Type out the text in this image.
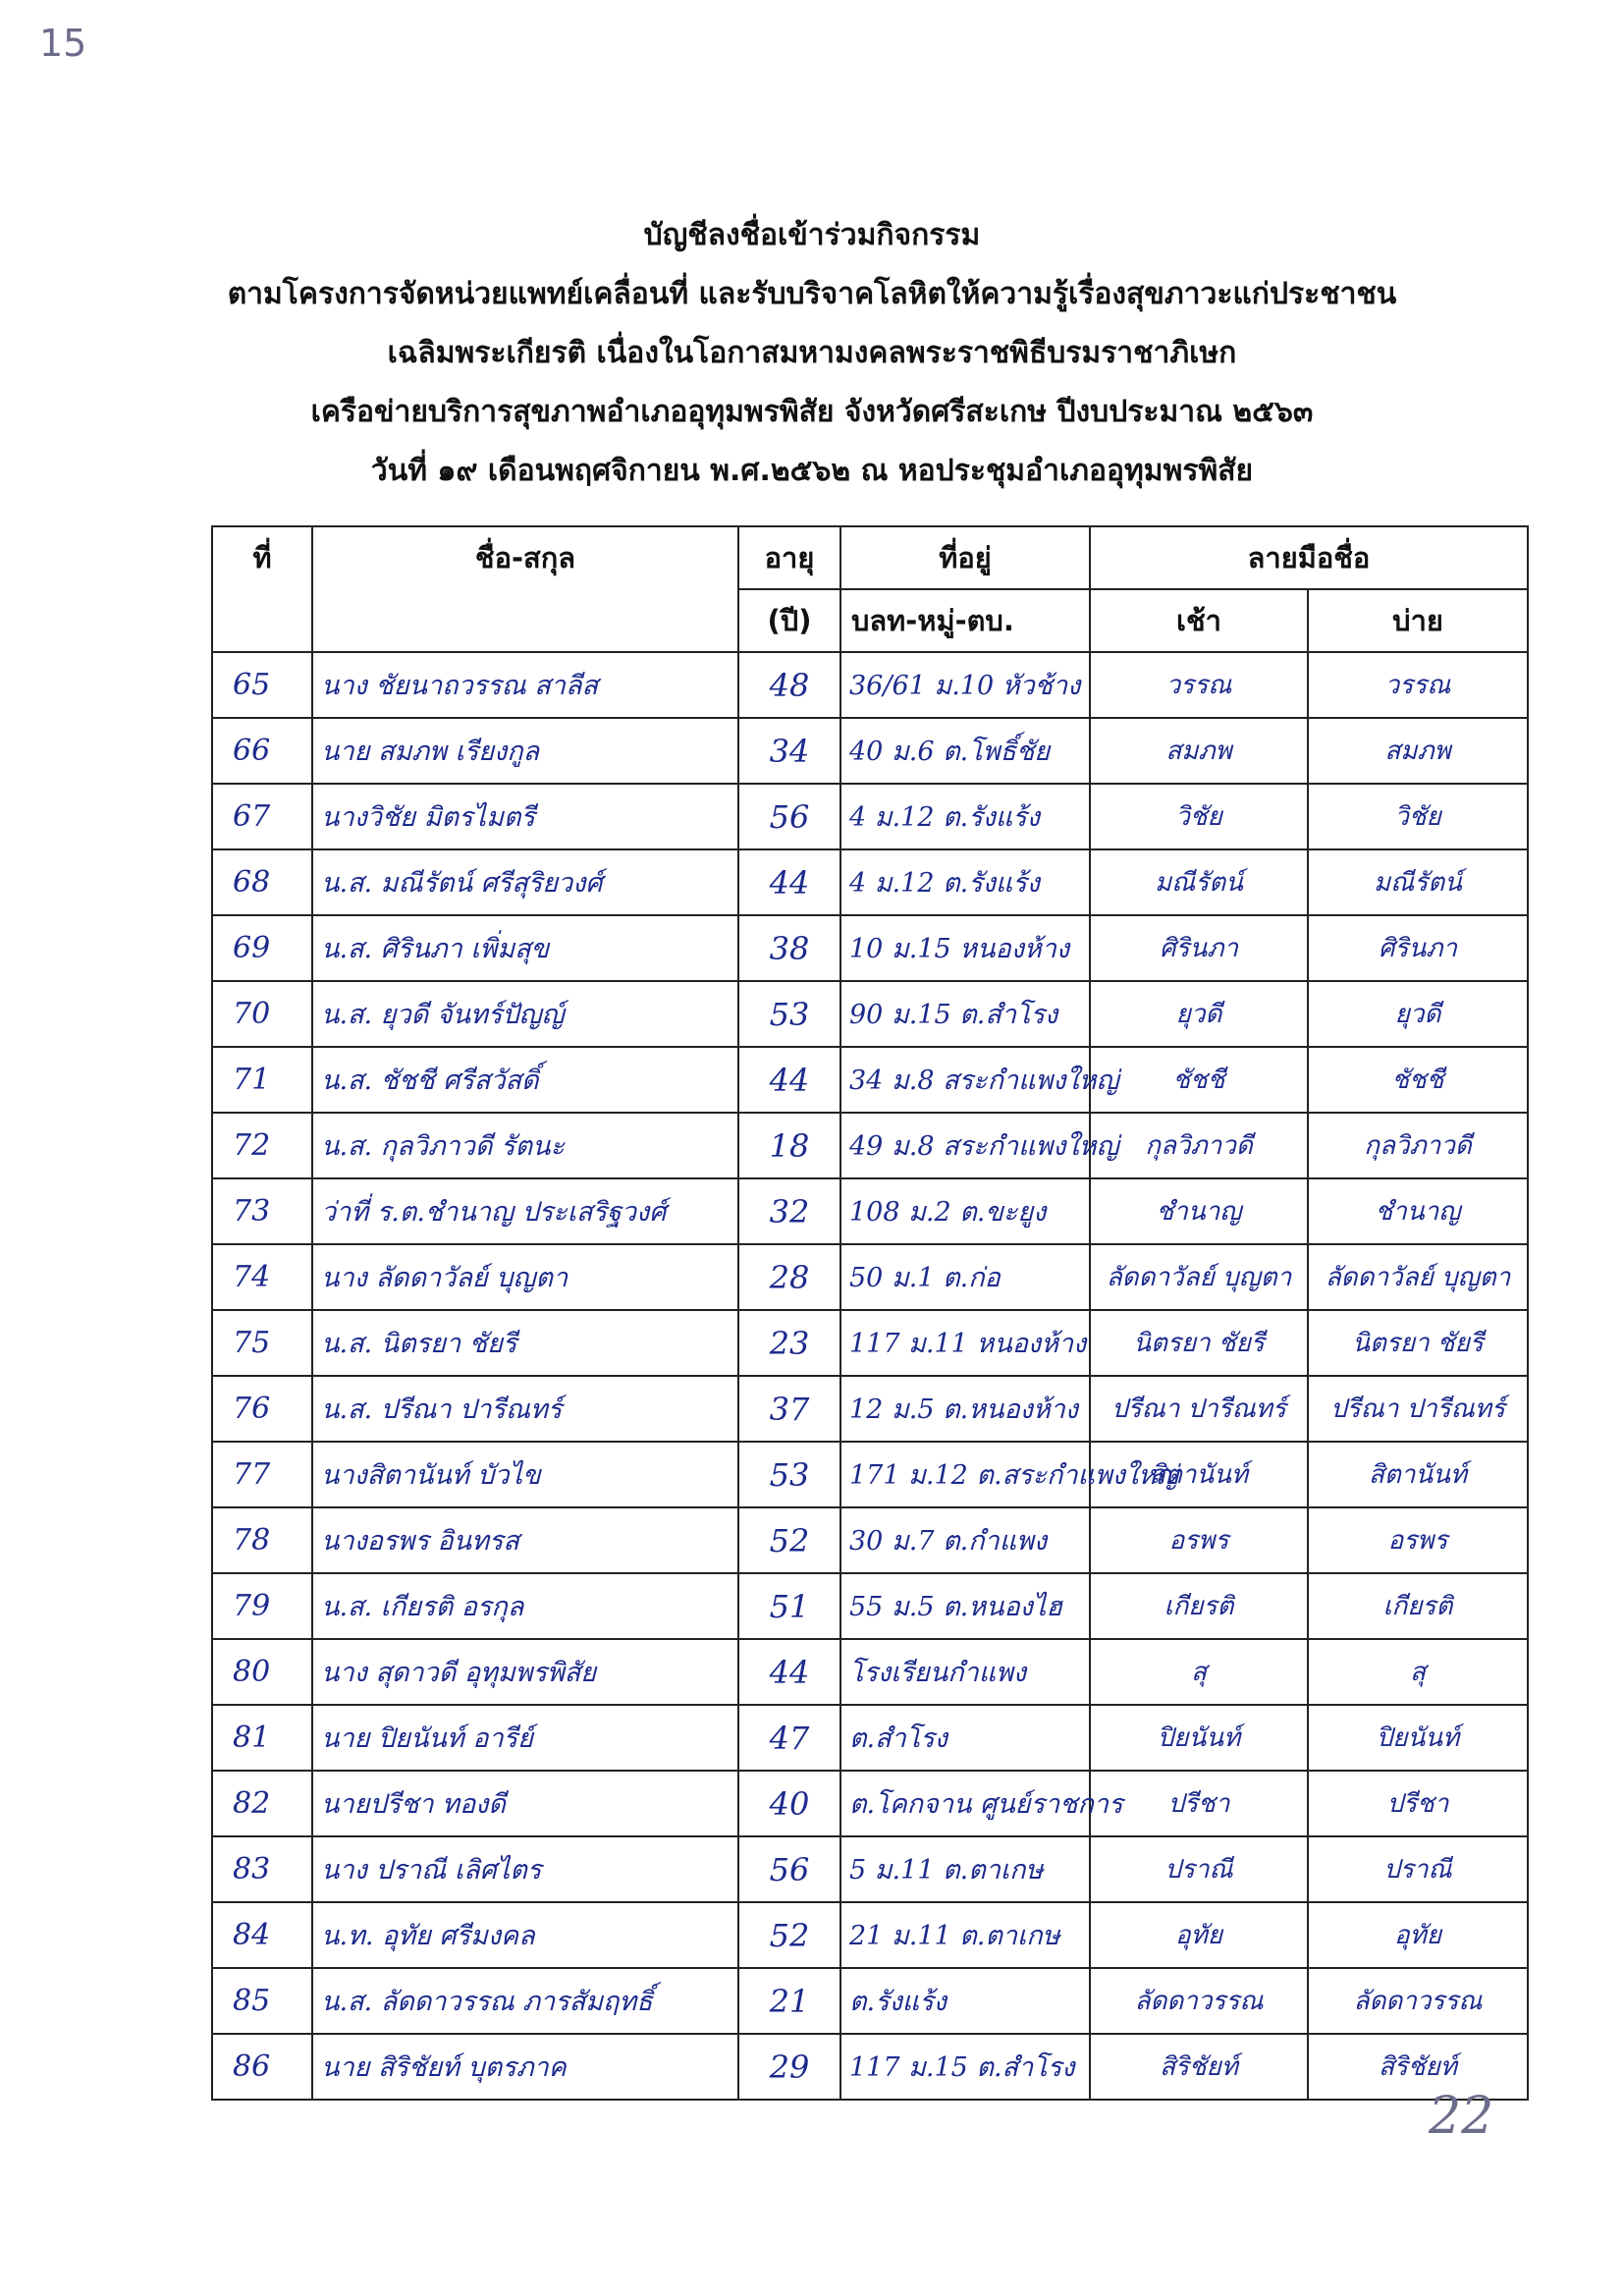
15
บัญชีลงชื่อเข้าร่วมกิจกรรม
ตามโครงการจัดหน่วยแพทย์เคลื่อนที่ และรับบริจาคโลหิตให้ความรู้เรื่องสุขภาวะแก่ประชาชน
เฉลิมพระเกียรติ เนื่องในโอกาสมหามงคลพระราชพิธีบรมราชาภิเษก
เครือข่ายบริการสุขภาพอำเภออุทุมพรพิสัย จังหวัดศรีสะเกษ ปีงบประมาณ ๒๕๖๓
วันที่ ๑๙ เดือนพฤศจิกายน พ.ศ.๒๕๖๒ ณ หอประชุมอำเภออุทุมพรพิสัย
ที่	ชื่อ-สกุล	อายุ	ที่อยู่	ลายมือชื่อ	
		(ปี)	บลท-หมู่-ตบ.	เช้า	บ่าย
65	นาง ชัยนาถวรรณ สาลีส	48	36/61 ม.10 หัวช้าง	วรรณ	วรรณ
66	นาย สมภพ เรียงกูล	34	40 ม.6 ต.โพธิ์ชัย	สมภพ	สมภพ
67	นางวิชัย มิตรไมตรี	56	4 ม.12 ต.รังแร้ง	วิชัย	วิชัย
68	น.ส. มณีรัตน์ ศรีสุริยวงศ์	44	4 ม.12 ต.รังแร้ง	มณีรัตน์	มณีรัตน์
69	น.ส. ศิรินภา เพิ่มสุข	38	10 ม.15 หนองห้าง	ศิรินภา	ศิรินภา
70	น.ส. ยุวดี จันทร์ปัญญ์	53	90 ม.15 ต.สำโรง	ยุวดี	ยุวดี
71	น.ส. ชัชชี ศรีสวัสดิ์	44	34 ม.8 สระกำแพงใหญ่	ชัชชี	ชัชชี
72	น.ส. กุลวิภาวดี รัตนะ	18	49 ม.8 สระกำแพงใหญ่	กุลวิภาวดี	กุลวิภาวดี
73	ว่าที่ ร.ต.ชำนาญ ประเสริฐวงศ์	32	108 ม.2 ต.ขะยูง	ชำนาญ	ชำนาญ
74	นาง ลัดดาวัลย์ บุญตา	28	50 ม.1 ต.ก่อ	ลัดดาวัลย์ บุญตา	ลัดดาวัลย์ บุญตา
75	น.ส. นิตรยา ชัยรี	23	117 ม.11 หนองห้าง	นิตรยา ชัยรี	นิตรยา ชัยรี
76	น.ส. ปรีณา ปารีณทร์	37	12 ม.5 ต.หนองห้าง	ปรีณา ปารีณทร์	ปรีณา ปารีณทร์
77	นางสิตานันท์ บัวไข	53	171 ม.12 ต.สระกำแพงใหญ่	สิตานันท์	สิตานันท์
78	นางอรพร อินทรส	52	30 ม.7 ต.กำแพง	อรพร	อรพร
79	น.ส. เกียรติ อรกุล	51	55 ม.5 ต.หนองไฮ	เกียรติ	เกียรติ
80	นาง สุดาวดี อุทุมพรพิสัย	44	โรงเรียนกำแพง	สุ	สุ
81	นาย ปิยนันท์ อารีย์	47	ต.สำโรง	ปิยนันท์	ปิยนันท์
82	นายปรีชา ทองดี	40	ต.โคกจาน ศูนย์ราชการ	ปรีชา	ปรีชา
83	นาง ปราณี เลิศไตร	56	5 ม.11 ต.ตาเกษ	ปราณี	ปราณี
84	น.ท. อุทัย ศรีมงคล	52	21 ม.11 ต.ตาเกษ	อุทัย	อุทัย
85	น.ส. ลัดดาวรรณ ภารสัมฤทธิ์	21	ต.รังแร้ง	ลัดดาวรรณ	ลัดดาวรรณ
86	นาย สิริชัยท์ บุตรภาค	29	117 ม.15 ต.สำโรง	สิริชัยท์	สิริชัยท์
22
